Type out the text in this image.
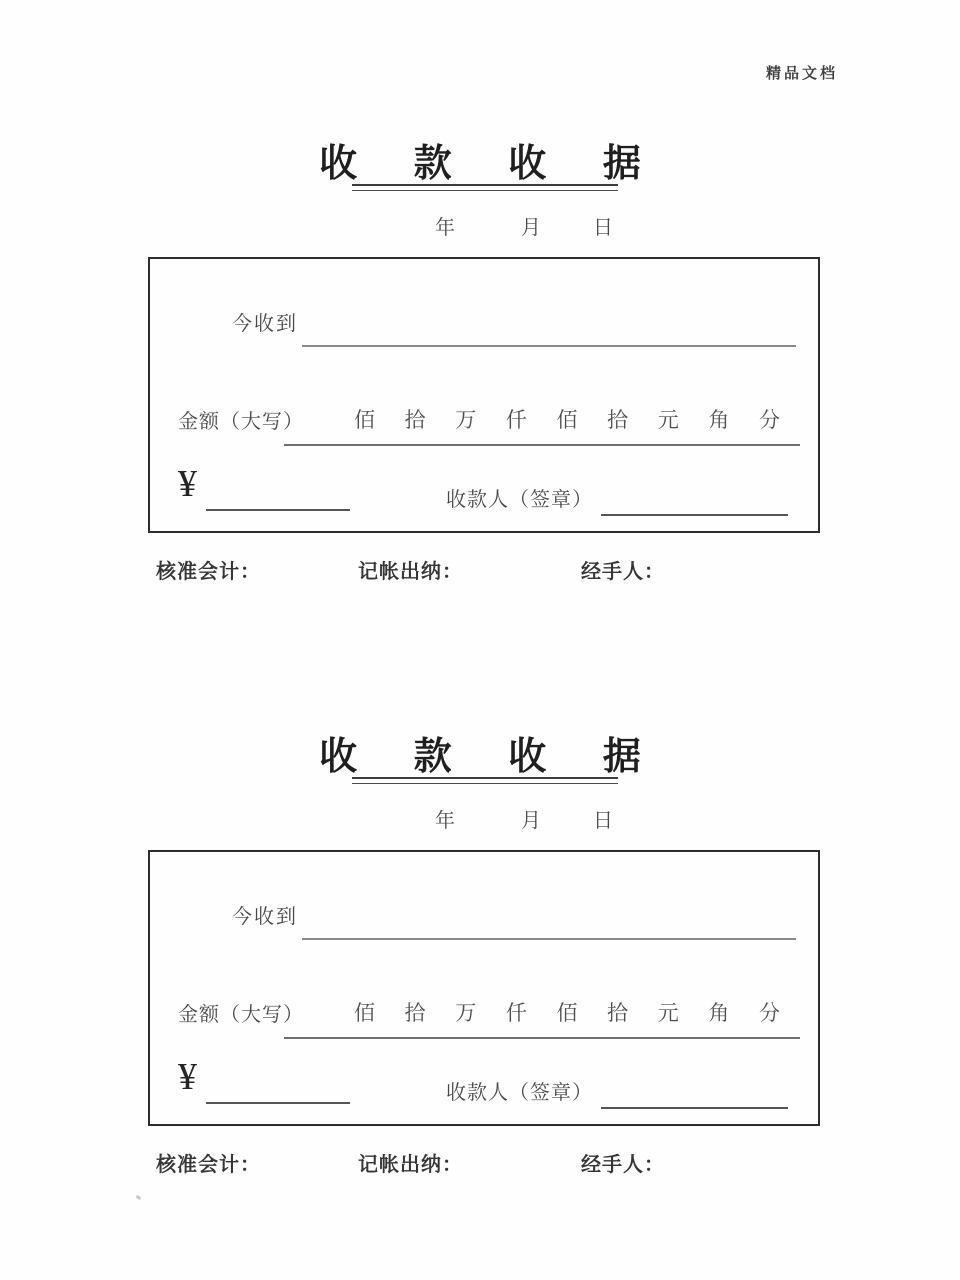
精品文档
收 款 收 据
年	月	日
今收到
金额（大写） 佰 拾 万 仟 佰 拾 元 角 分
¥	收款人（签章）
核准会计：	记帐出纳：	经手人：
收 款 收 据
年	月	日
今收到
金额（大写） 佰 拾 万 仟 佰 拾 元 角 分
¥	收款人（签章）
核准会计：	记帐出纳：	经手人：
